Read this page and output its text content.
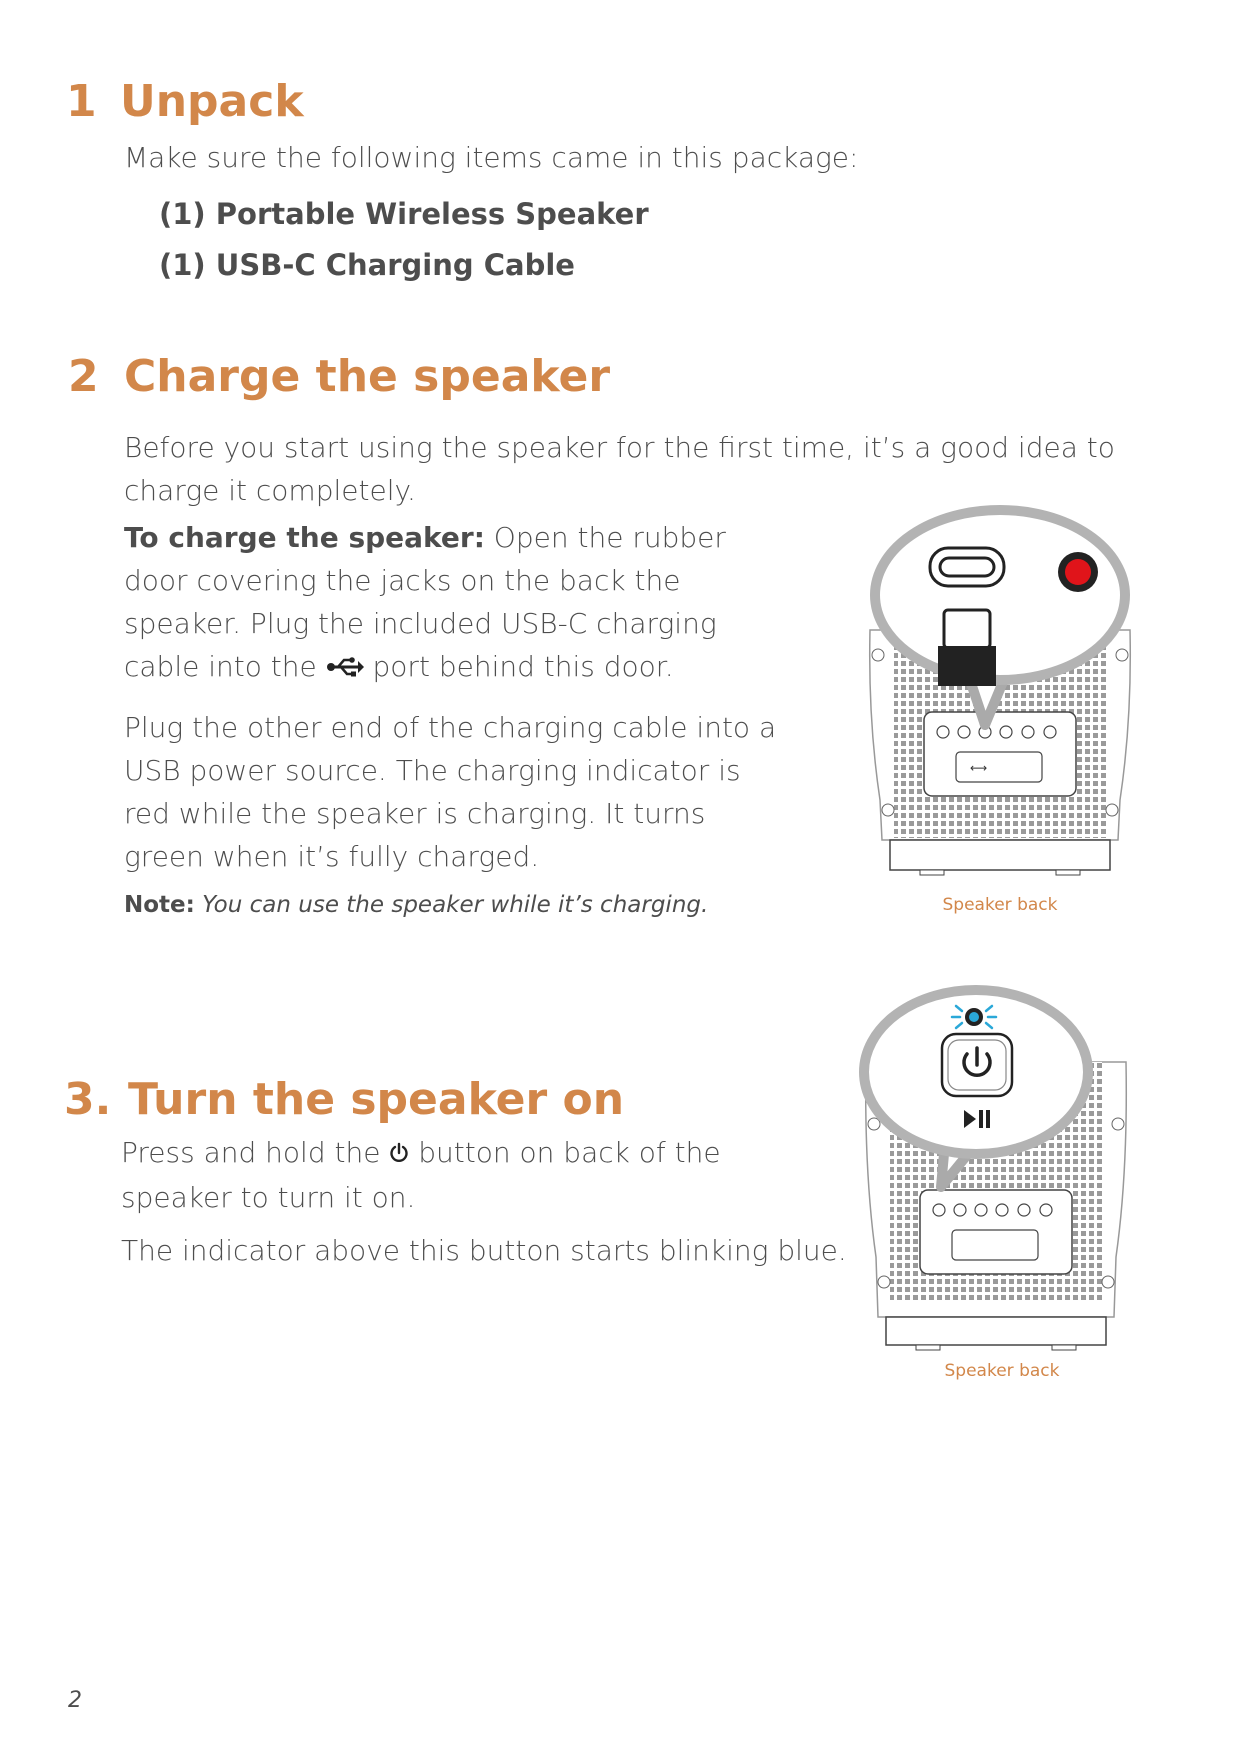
1 Unpack
Make sure the following items came in this package:
(1) Portable Wireless Speaker
(1) USB-C Charging Cable
2 Charge the speaker
Before you start using the speaker for the first time, it’s a good idea to charge it completely.
To charge the speaker: Open the rubber door covering the jacks on the back the speaker. Plug the included USB-C charging cable into the  port behind this door.
Plug the other end of the charging cable into a USB power source. The charging indicator is red while the speaker is charging. It turns green when it’s fully charged.
Note: You can use the speaker while it’s charging.
⟷
Speaker back
3. Turn the speaker on
Press and hold the  button on back of the speaker to turn it on.
The indicator above this button starts blinking blue.
Speaker back
2
